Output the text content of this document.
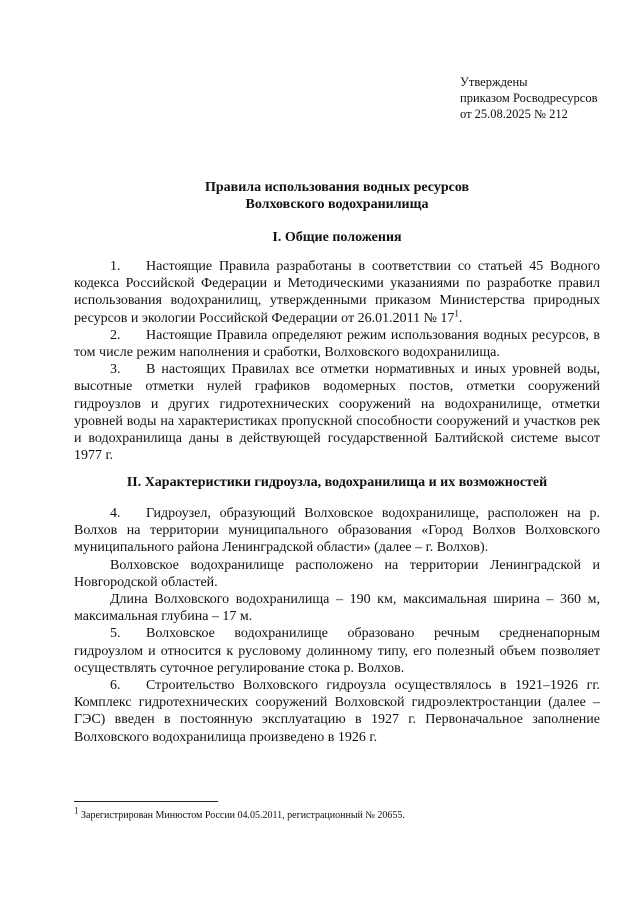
Утверждены
приказом Росводресурсов
от 25.08.2025 № 212
Правила использования водных ресурсов
Волховского водохранилища
I. Общие положения

1. Настоящие Правила разработаны в соответствии со статьей 45 Водного кодекса Российской Федерации и Методическими указаниями по разработке правил использования водохранилищ, утвержденными приказом Министерства природных ресурсов и экологии Российской Федерации от 26.01.2011 № $17^1$.

2. Настоящие Правила определяют режим использования водных ресурсов, в том числе режим наполнения и сработки, Волховского водохранилища.

3. В настоящих Правилах все отметки нормативных и иных уровней воды, высотные отметки нулей графиков водомерных постов, отметки сооружений гидроузлов и других гидротехнических сооружений на водохранилище, отметки уровней воды на характеристиках пропускной способности сооружений и участков рек и водохранилища даны в действующей государственной Балтийской системе высот 1977 г.

II. Характеристики гидроузла, водохранилища и их возможностей

4. Гидроузел, образующий Волховское водохранилище, расположен на р. Волхов на территории муниципального образования «Город Волхов Волховского муниципального района Ленинградской области» (далее – г. Волхов).

Волховское водохранилище расположено на территории Ленинградской и Новгородской областей.

Длина Волховского водохранилища – 190 км, максимальная ширина – 360 м, максимальная глубина – 17 м.

5. Волховское водохранилище образовано речным средненапорным гидроузлом и относится к русловому долинному типу, его полезный объем позволяет осуществлять суточное регулирование стока р. Волхов.

6. Строительство Волховского гидроузла осуществлялось в 1921–1926 гг. Комплекс гидротехнических сооружений Волховской гидроэлектростанции (далее – ГЭС) введен в постоянную эксплуатацию в 1927 г. Первоначальное заполнение Волховского водохранилища произведено в 1926 г.

$^1$ Зарегистрирован Минюстом России 04.05.2011, регистрационный № 20655.
